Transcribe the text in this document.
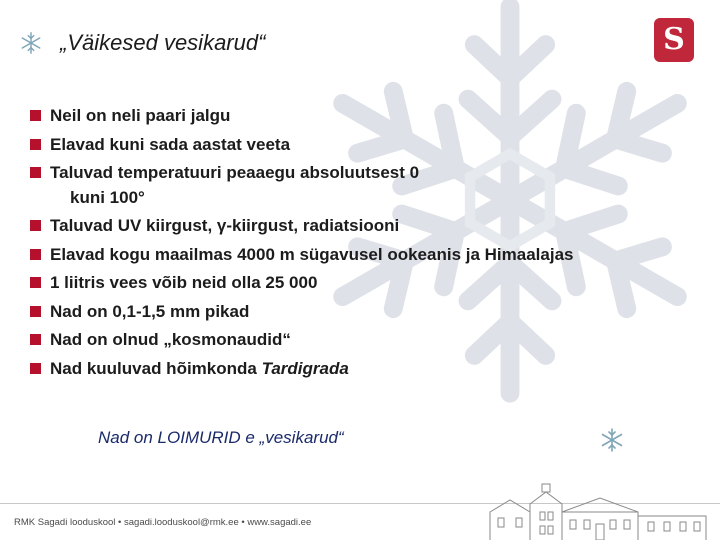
„Väikesed vesikarud“	S
Neil on neli paari jalgu
Elavad kuni sada aastat veeta
Taluvad temperatuuri peaaegu absoluutsest 0
kuni 100°
Taluvad UV kiirgust, γ-kiirgust, radiatsiooni
Elavad kogu maailmas 4000 m sügavusel ookeanis ja Himaalajas
1 liitris vees võib neid olla 25 000
Nad on 0,1-1,5 mm pikad
Nad on olnud „kosmonaudid“
Nad kuuluvad hõimkonda Tardigrada
Nad on LOIMURID e „vesikarud“
RMK Sagadi looduskool • sagadi.looduskool@rmk.ee • www.sagadi.ee
